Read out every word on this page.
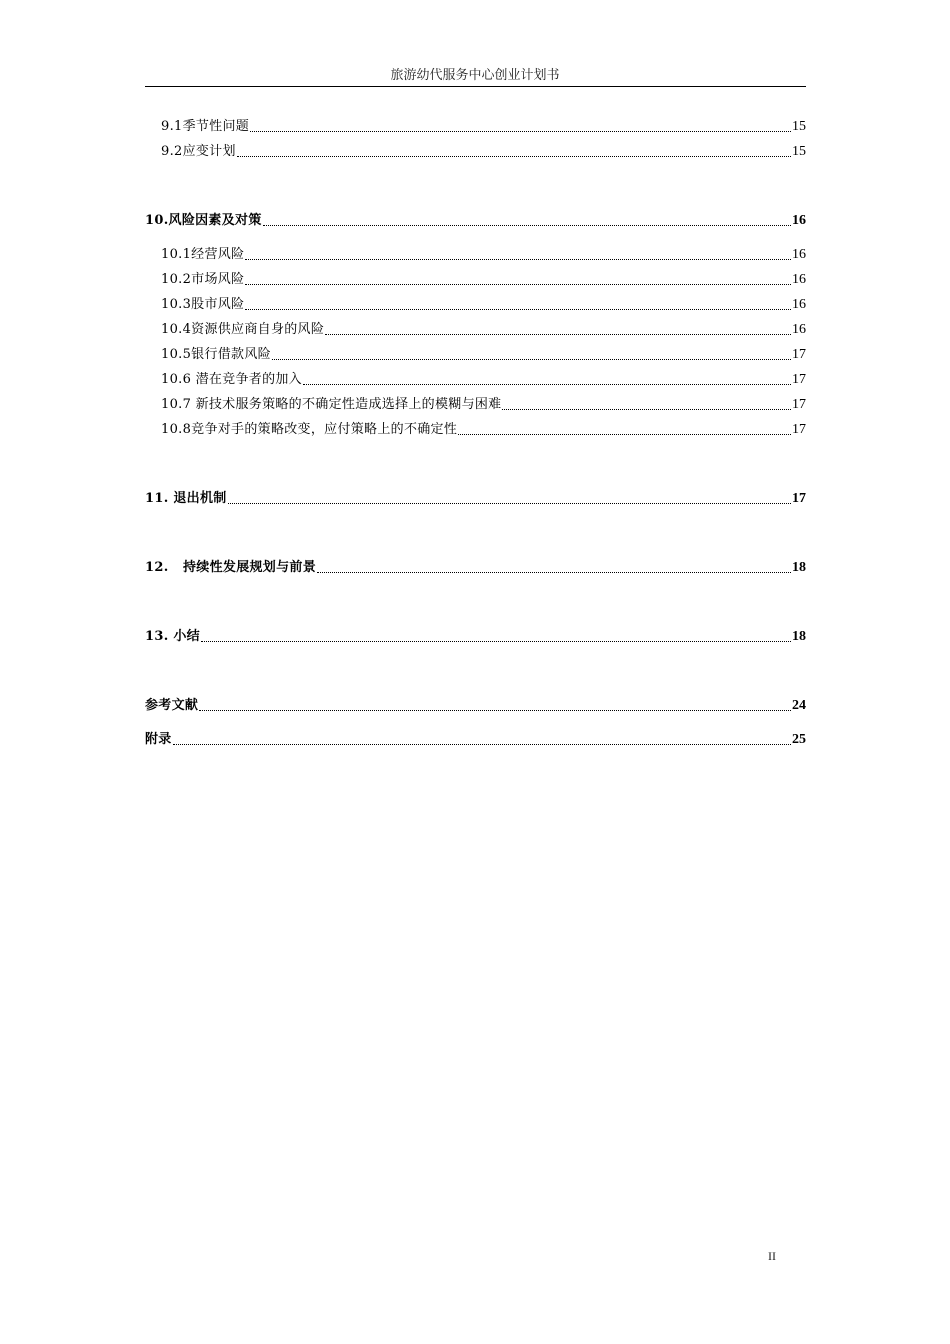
旅游幼代服务中心创业计划书
9.1季节性问题	15
9.2应变计划	15
10.风险因素及对策	16
10.1经营风险	16
10.2市场风险	16
10.3股市风险	16
10.4资源供应商自身的风险	16
10.5银行借款风险	17
10.6 潜在竞争者的加入	17
10.7 新技术服务策略的不确定性造成选择上的模糊与困难	17
10.8竞争对手的策略改变，应付策略上的不确定性	17
11. 退出机制	17
12.   持续性发展规划与前景	18
13. 小结	18
参考文献	24
附录	25
II
